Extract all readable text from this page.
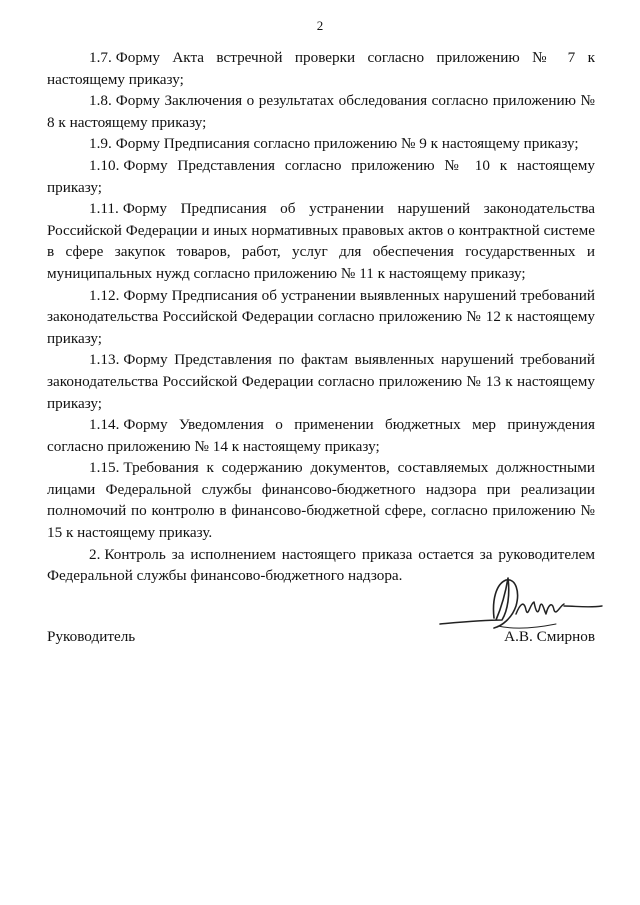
2

1.7. Форму Акта встречной проверки согласно приложению № 7 к настоящему приказу;

1.8. Форму Заключения о результатах обследования согласно приложению № 8 к настоящему приказу;

1.9. Форму Предписания согласно приложению № 9 к настоящему приказу;

1.10. Форму Представления согласно приложению № 10 к настоящему приказу;

1.11. Форму Предписания об устранении нарушений законодательства Российской Федерации и иных нормативных правовых актов о контрактной системе в сфере закупок товаров, работ, услуг для обеспечения государственных и муниципальных нужд согласно приложению № 11 к настоящему приказу;

1.12. Форму Предписания об устранении выявленных нарушений требований законодательства Российской Федерации согласно приложению № 12 к настоящему приказу;

1.13. Форму Представления по фактам выявленных нарушений требований законодательства Российской Федерации согласно приложению № 13 к настоящему приказу;

1.14. Форму Уведомления о применении бюджетных мер принуждения согласно приложению № 14 к настоящему приказу;

1.15. Требования к содержанию документов, составляемых должностными лицами Федеральной службы финансово-бюджетного надзора при реализации полномочий по контролю в финансово-бюджетной сфере, согласно приложению № 15 к настоящему приказу.

2. Контроль за исполнением настоящего приказа остается за руководителем Федеральной службы финансово-бюджетного надзора.

Руководитель	А.В. Смирнов
